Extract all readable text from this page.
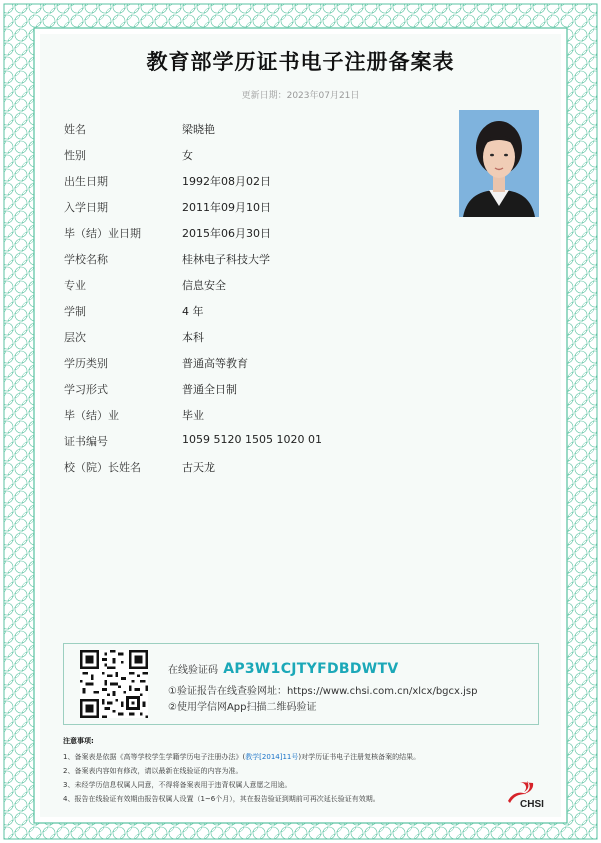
教育部学历证书电子注册备案表
更新日期：2023年07月21日
姓名	梁晓艳
性别	女
出生日期	1992年08月02日
入学日期	2011年09月10日
毕（结）业日期	2015年06月30日
学校名称	桂林电子科技大学
专业	信息安全
学制	4 年
层次	本科
学历类别	普通高等教育
学习形式	普通全日制
毕（结）业	毕业
证书编号	1059 5120 1505 1020 01
校（院）长姓名	古天龙
在线验证码 AP3W1CJTYFDBDWTV
①验证报告在线查验网址：https://www.chsi.com.cn/xlcx/bgcx.jsp
②使用学信网App扫描二维码验证
注意事项:
1、备案表是依据《高等学校学生学籍学历电子注册办法》(教学[2014]11号)对学历证书电子注册复核备案的结果。
2、备案表内容如有修改，请以最新在线验证的内容为准。
3、未经学历信息权属人同意，不得将备案表用于违背权属人意愿之用途。
4、报告在线验证有效期由报告权属人设置（1~6个月），其在报告验证到期前可再次延长验证有效期。	CHSI
